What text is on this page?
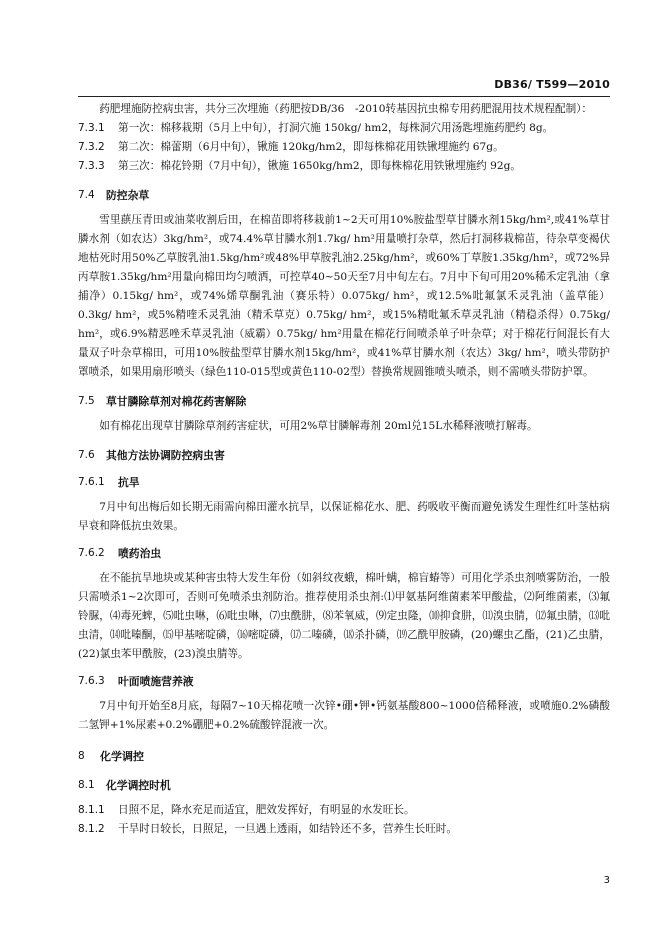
DB36/ T599—2010

药肥埋施防控病虫害，共分三次埋施（药肥按DB/36　-2010转基因抗虫棉专用药肥混用技术规程配制）：

7.3.1	第一次：棉移栽期（5月上中旬），打洞穴施 150kg/ hm2，每株洞穴用汤匙埋施药肥约 8g。
7.3.2	第二次：棉蕾期（6月中旬），锹施 120kg/hm2，即每株棉花用铁锹埋施约 67g。
7.3.3	第三次：棉花铃期（7月中旬），锹施 1650kg/hm2，即每株棉花用铁锹埋施约 92g。
7.4	防控杂草

雪里蕻压青田或油菜收割后田，在棉苗即将移栽前1~2天可用10%胺盐型草甘膦水剂15kg/hm²,或41%草甘膦水剂（如农达）3kg/hm²，或74.4%草甘膦水剂1.7kg/ hm²用量喷打杂草，然后打洞移栽棉苗，待杂草变褐伏地枯死时用50%乙草胺乳油1.5kg/hm²或48%甲草胺乳油2.25kg/hm²，或60%丁草胺1.35kg/hm²，或72%异丙草胺1.35kg/hm²用量向棉田均匀喷洒，可控草40~50天至7月中旬左右。7月中下旬可用20%稀禾定乳油（拿捕净）0.15kg/ hm²，或74%烯草酮乳油（赛乐特）0.075kg/ hm²，或12.5%吡氟氯禾灵乳油（盖草能）0.3kg/ hm²，或5%精喹禾灵乳油（精禾草克）0.75kg/ hm²，或15%精吡氟禾草灵乳油（精稳杀得）0.75kg/ hm²，或6.9%精恶唑禾草灵乳油（威霸）0.75kg/ hm²用量在棉花行间喷杀单子叶杂草；对于棉花行间混长有大量双子叶杂草棉田，可用10%胺盐型草甘膦水剂15kg/hm²，或41%草甘膦水剂（农达）3kg/ hm²，喷头带防护罩喷杀，如果用扇形喷头（绿色110-015型或黄色110-02型）替换常规圆锥喷头喷杀，则不需喷头带防护罩。

7.5	草甘膦除草剂对棉花药害解除

如有棉花出现草甘膦除草剂药害症状，可用2%草甘膦解毒剂 20ml兑15L水稀释液喷打解毒。

7.6	其他方法协调防控病虫害
7.6.1	抗旱

7月中旬出梅后如长期无雨需向棉田灌水抗旱，以保证棉花水、肥、药吸收平衡而避免诱发生理性红叶茎枯病早衰和降低抗虫效果。

7.6.2	喷药治虫

在不能抗旱地块或某种害虫特大发生年份（如斜纹夜蛾，棉叶螨，棉盲蝽等）可用化学杀虫剂喷雾防治，一般只需喷杀1~2次即可，否则可免喷杀虫剂防治。推荐使用杀虫剂:⑴甲氨基阿维菌素苯甲酸盐，⑵阿维菌素，⑶氟铃脲，⑷毒死蜱，⑸吡虫啉，⑹吡虫啉，⑺虫酰肼，⑻苯氧威，⑼定虫隆，⑽抑食肼，⑾溴虫腈，⑿氟虫腈，⒀吡虫清，⒁吡嗪酮，⒂甲基嘧啶磷，⒃嘧啶磷，⒄二嗪磷，⒅杀扑磷，⒆乙酰甲胺磷，(20)螺虫乙酯，(21)乙虫腈，(22)氯虫苯甲酰胺，(23)溴虫腈等。

7.6.3	叶面喷施营养液

7月中旬开始至8月底，每隔7~10天棉花喷一次锌•硼•钾•钙氨基酸800~1000倍稀释液，或喷施0.2%磷酸二氢钾+1%尿素+0.2%硼肥+0.2%硫酸锌混液一次。

8	化学调控
8.1	化学调控时机
8.1.1	日照不足，降水充足而适宜，肥效发挥好，有明显的水发旺长。
8.1.2	干旱时日较长，日照足，一旦遇上透雨，如结铃还不多，营养生长旺时。
3
